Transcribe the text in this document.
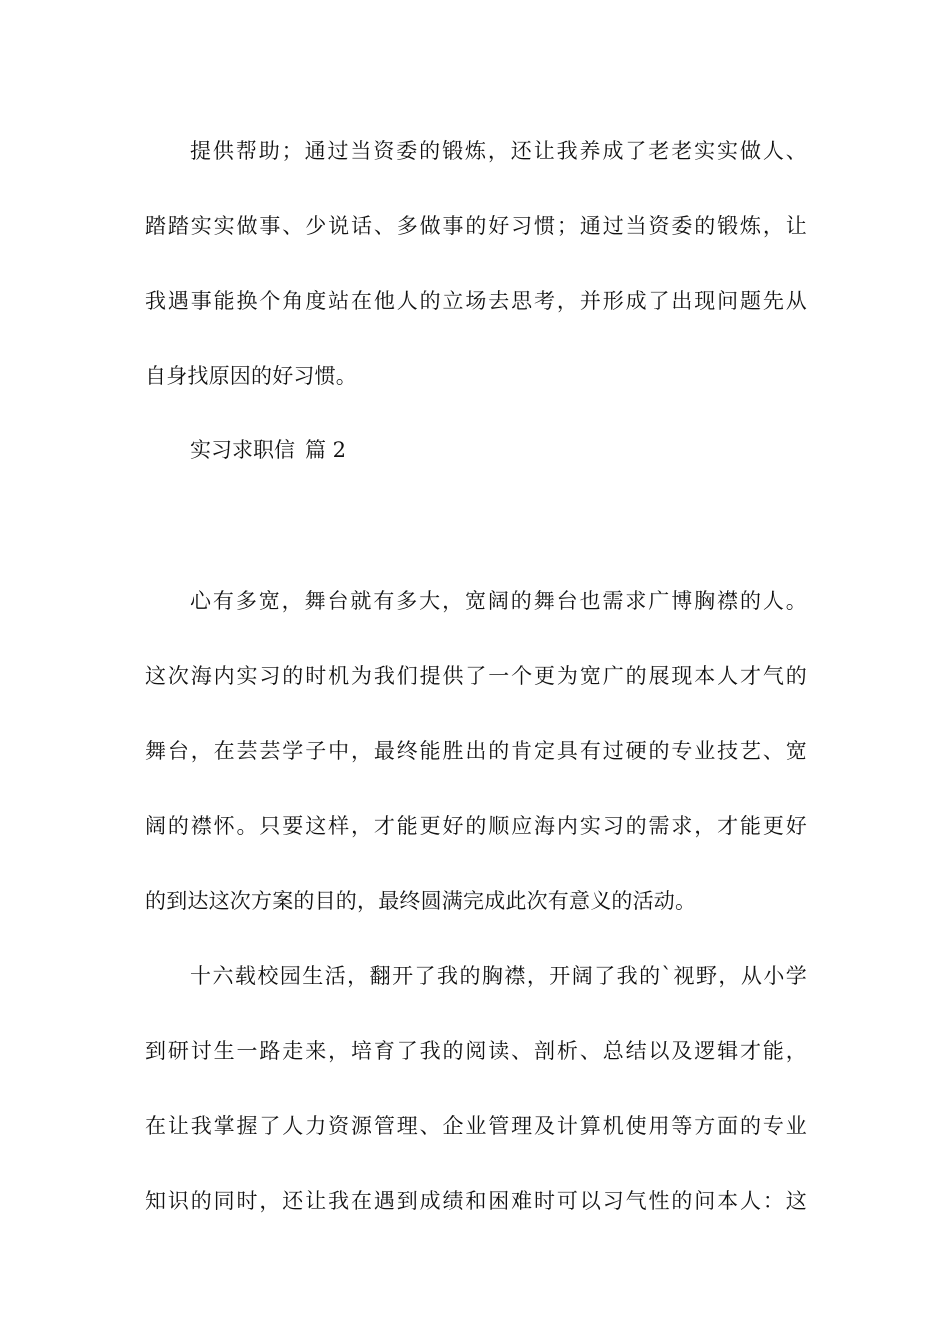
提供帮助；通过当资委的锻炼，还让我养成了老老实实做人、

踏踏实实做事、少说话、多做事的好习惯；通过当资委的锻炼，让

我遇事能换个角度站在他人的立场去思考，并形成了出现问题先从

自身找原因的好习惯。

实习求职信 篇 2

心有多宽，舞台就有多大，宽阔的舞台也需求广博胸襟的人。

这次海内实习的时机为我们提供了一个更为宽广的展现本人才气的

舞台，在芸芸学子中，最终能胜出的肯定具有过硬的专业技艺、宽

阔的襟怀。只要这样，才能更好的顺应海内实习的需求，才能更好

的到达这次方案的目的，最终圆满完成此次有意义的活动。

十六载校园生活，翻开了我的胸襟，开阔了我的`视野，从小学

到研讨生一路走来，培育了我的阅读、剖析、总结以及逻辑才能，

在让我掌握了人力资源管理、企业管理及计算机使用等方面的专业

知识的同时，还让我在遇到成绩和困难时可以习气性的问本人：这
